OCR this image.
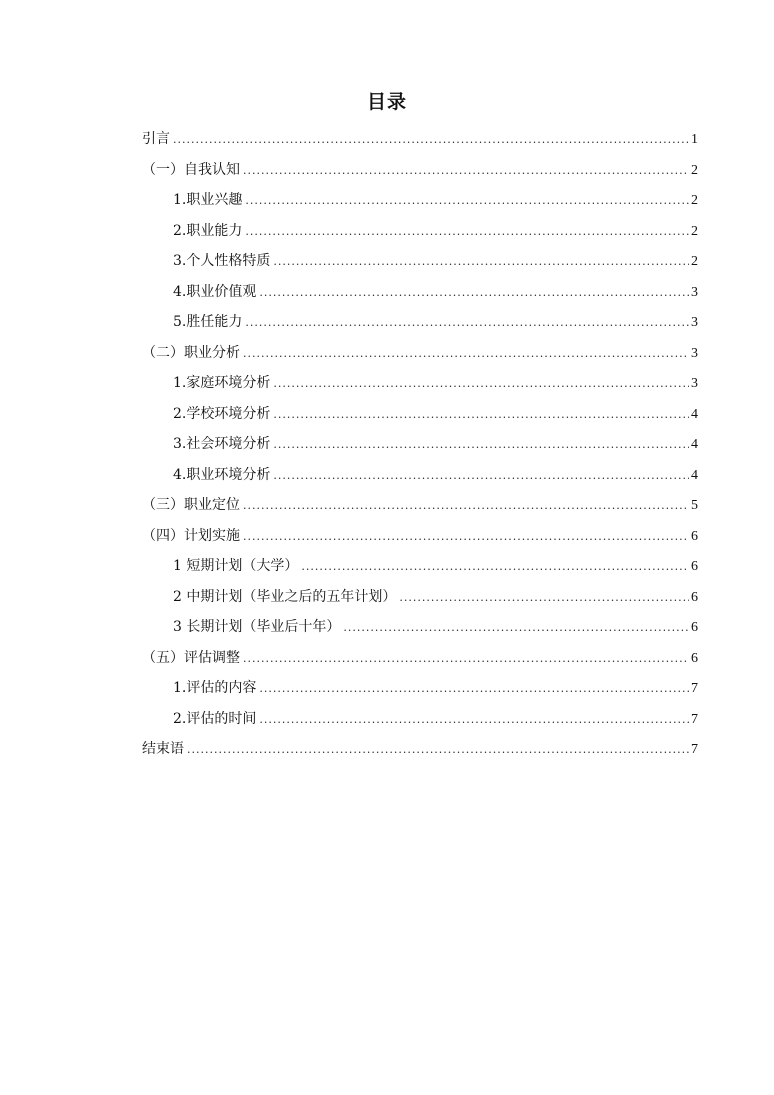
目录
引言 .....	1
（一）自我认知 .....	2
1.职业兴趣 .....	2
2.职业能力 .....	2
3.个人性格特质 .....	2
4.职业价值观 .....	3
5.胜任能力 .....	3
（二）职业分析 .....	3
1.家庭环境分析 .....	3
2.学校环境分析 .....	4
3.社会环境分析 .....	4
4.职业环境分析 .....	4
（三）职业定位 .....	5
（四）计划实施 .....	6
1 短期计划（大学） .....	6
2 中期计划（毕业之后的五年计划） .....	6
3 长期计划（毕业后十年） .....	6
（五）评估调整 .....	6
1.评估的内容 .....	7
2.评估的时间 .....	7
结束语 .....	7
